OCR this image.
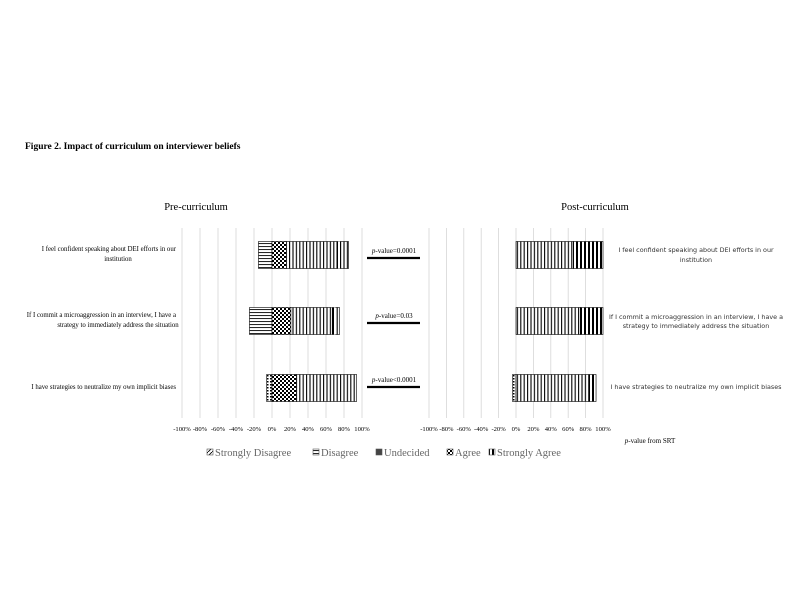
Figure 2. Impact of curriculum on interviewer beliefs
-100% -80% -60% -40% -20% 0% 20% 40% 60% 80% 100%
Pre-curriculum
-100% -80% -60% -40% -20% 0% 20% 40% 60% 80% 100%
Post-curriculum
I feel confident speaking about DEI efforts in our
institution
If I commit a microaggression in an interview, I have a
strategy to immediately address the situation
I have strategies to neutralize my own implicit biases
I feel confident speaking about DEI efforts in our
institution
If I commit a microaggression in an interview, I have a
strategy to immediately address the situation
I have strategies to neutralize my own implicit biases
p-value=0.0001
p-value=0.03
p-value<0.0001
p-value from SRT
Strongly Disagree	Disagree Undecided Agree Strongly Agree
